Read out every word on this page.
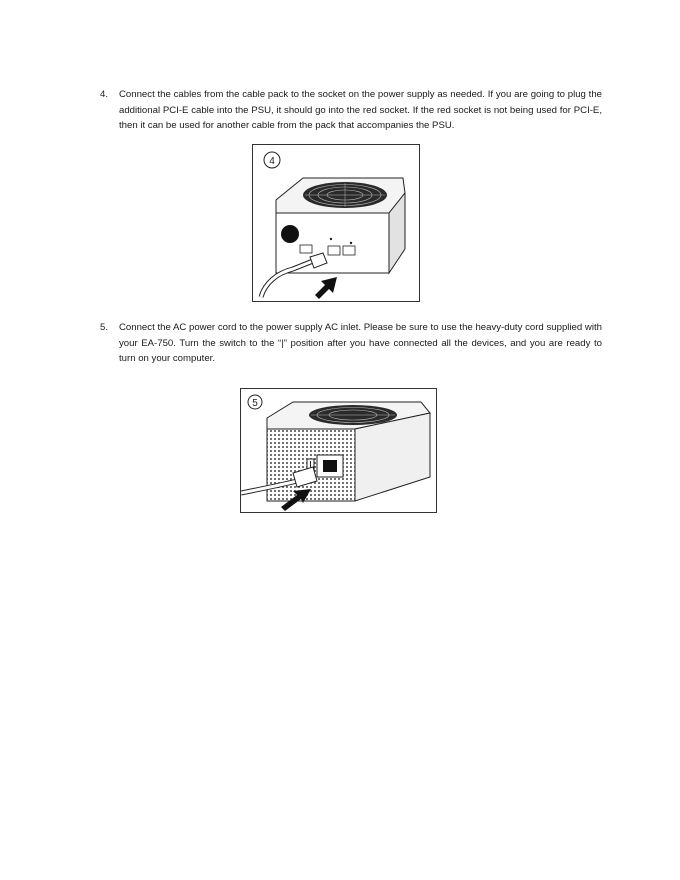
4. Connect the cables from the cable pack to the socket on the power supply as needed. If you are going to plug the additional PCI-E cable into the PSU, it should go into the red socket. If the red socket is not being used for PCI-E, then it can be used for another cable from the pack that accompanies the PSU.
4
5. Connect the AC power cord to the power supply AC inlet. Please be sure to use the heavy-duty cord supplied with your EA-750. Turn the switch to the “|” position after you have connected all the devices, and you are ready to turn on your computer.
5
